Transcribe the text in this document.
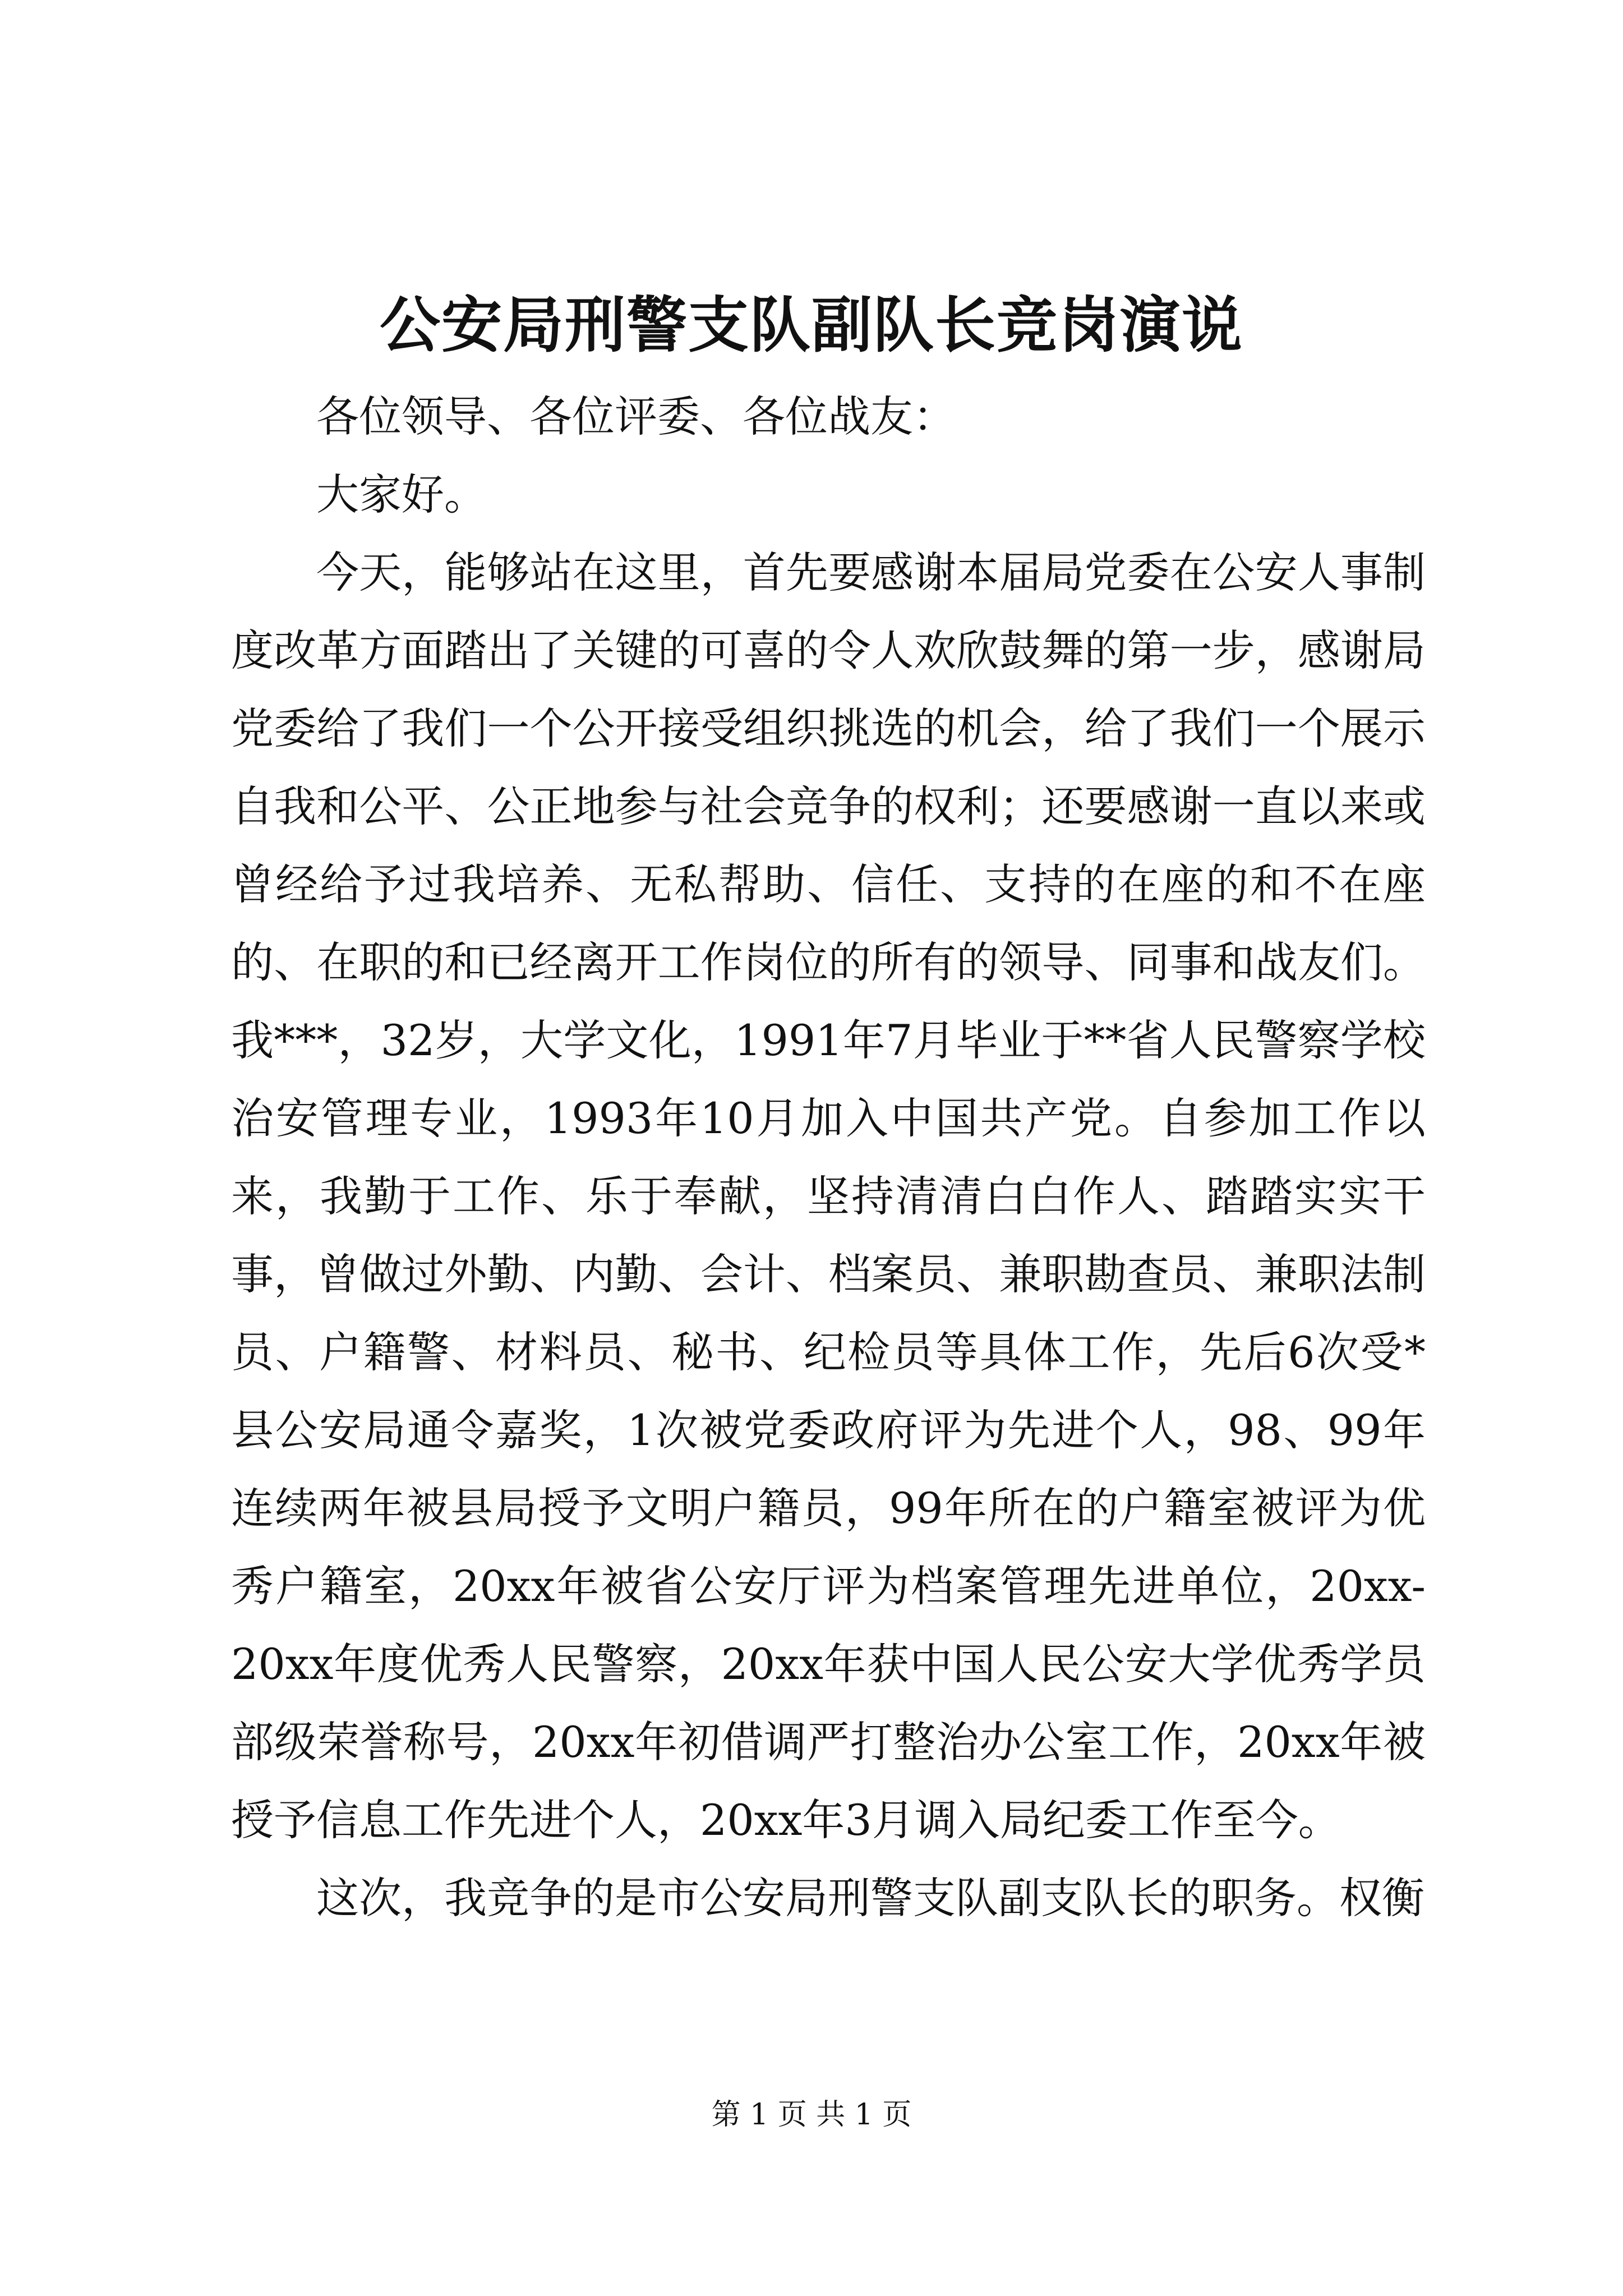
公安局刑警支队副队长竞岗演说

各位领导、各位评委、各位战友：

大家好。

今天，能够站在这里，首先要感谢本届局党委在公安人事制度改革方面踏出了关键的可喜的令人欢欣鼓舞的第一步，感谢局党委给了我们一个公开接受组织挑选的机会，给了我们一个展示自我和公平、公正地参与社会竞争的权利；还要感谢一直以来或曾经给予过我培养、无私帮助、信任、支持的在座的和不在座的、在职的和已经离开工作岗位的所有的领导、同事和战友们。我***，32岁，大学文化，1991年7月毕业于**省人民警察学校治安管理专业，1993年10月加入中国共产党。自参加工作以来，我勤于工作、乐于奉献，坚持清清白白作人、踏踏实实干事，曾做过外勤、内勤、会计、档案员、兼职勘查员、兼职法制员、户籍警、材料员、秘书、纪检员等具体工作，先后6次受*县公安局通令嘉奖，1次被党委政府评为先进个人，98、99年连续两年被县局授予文明户籍员，99年所在的户籍室被评为优秀户籍室，20xx年被省公安厅评为档案管理先进单位，20xx-20xx年度优秀人民警察，20xx年获中国人民公安大学优秀学员部级荣誉称号，20xx年初借调严打整治办公室工作，20xx年被授予信息工作先进个人，20xx年3月调入局纪委工作至今。

这次，我竞争的是市公安局刑警支队副支队长的职务。权衡

第 1 页 共 1 页
